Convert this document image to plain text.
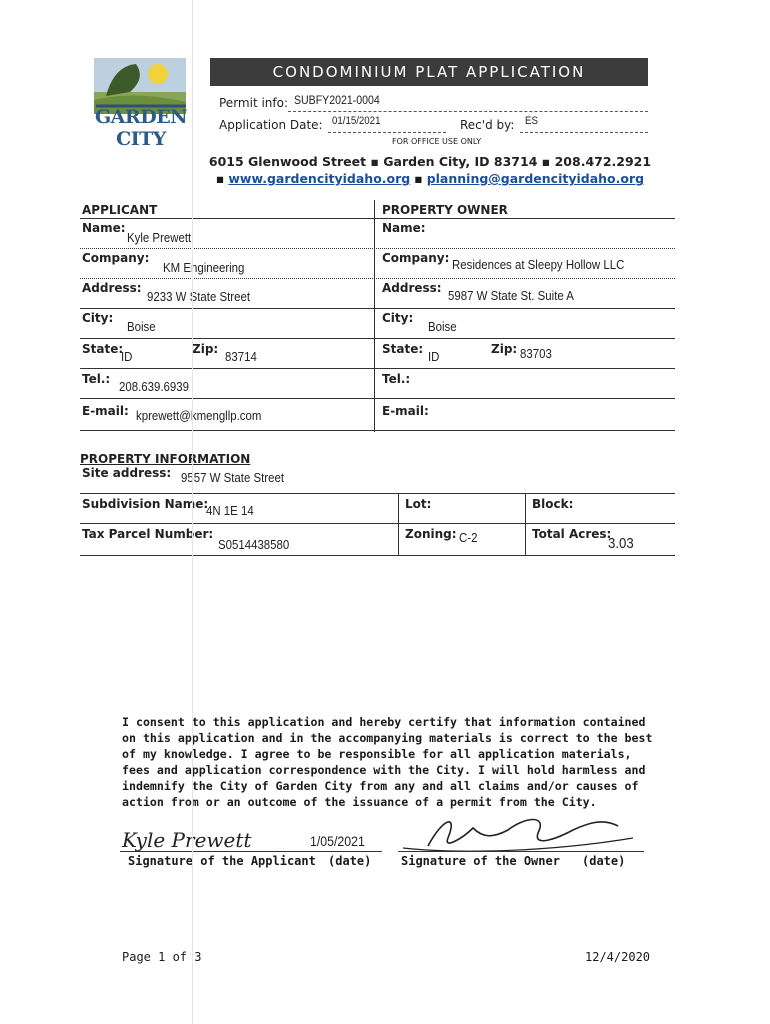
GARDEN CITY
CONDOMINIUM PLAT APPLICATION
Permit info: SUBFY2021-0004
Application Date: 01/15/2021	Rec'd by: ES
FOR OFFICE USE ONLY
6015 Glenwood Street ▪ Garden City, ID 83714 ▪ 208.472.2921
▪ www.gardencityidaho.org ▪ planning@gardencityidaho.org
APPLICANT	PROPERTY OWNER
Name:
Kyle Prewett
Company:
KM Engineering
Address:
9233 W State Street
City:
Boise
State:
ID	Zip: 83714
Tel.: 208.639.6939
E-mail: kprewett@kmengllp.com
Name:
Company: Residences at Sleepy Hollow LLC
Address: 5987 W State St. Suite A
City:
Boise
State: ID	Zip: 83703
Tel.:
E-mail:
PROPERTY INFORMATION
Site address: 9557 W State Street
Subdivision Name:
4N 1E 14	Lot:	Block:
Tax Parcel Number:
S0514438580
Zoning: C-2	Total Acres:
3.03
I consent to this application and hereby certify that information contained on this application and in the accompanying materials is correct to the best of my knowledge. I agree to be responsible for all application materials, fees and application correspondence with the City. I will hold harmless and indemnify the City of Garden City from any and all claims and/or causes of action from or an outcome of the issuance of a permit from the City.
Kyle Prewett	1/05/2021
Signature of the Applicant (date) Signature of the Owner (date)
Page 1 of 3	12/4/2020
